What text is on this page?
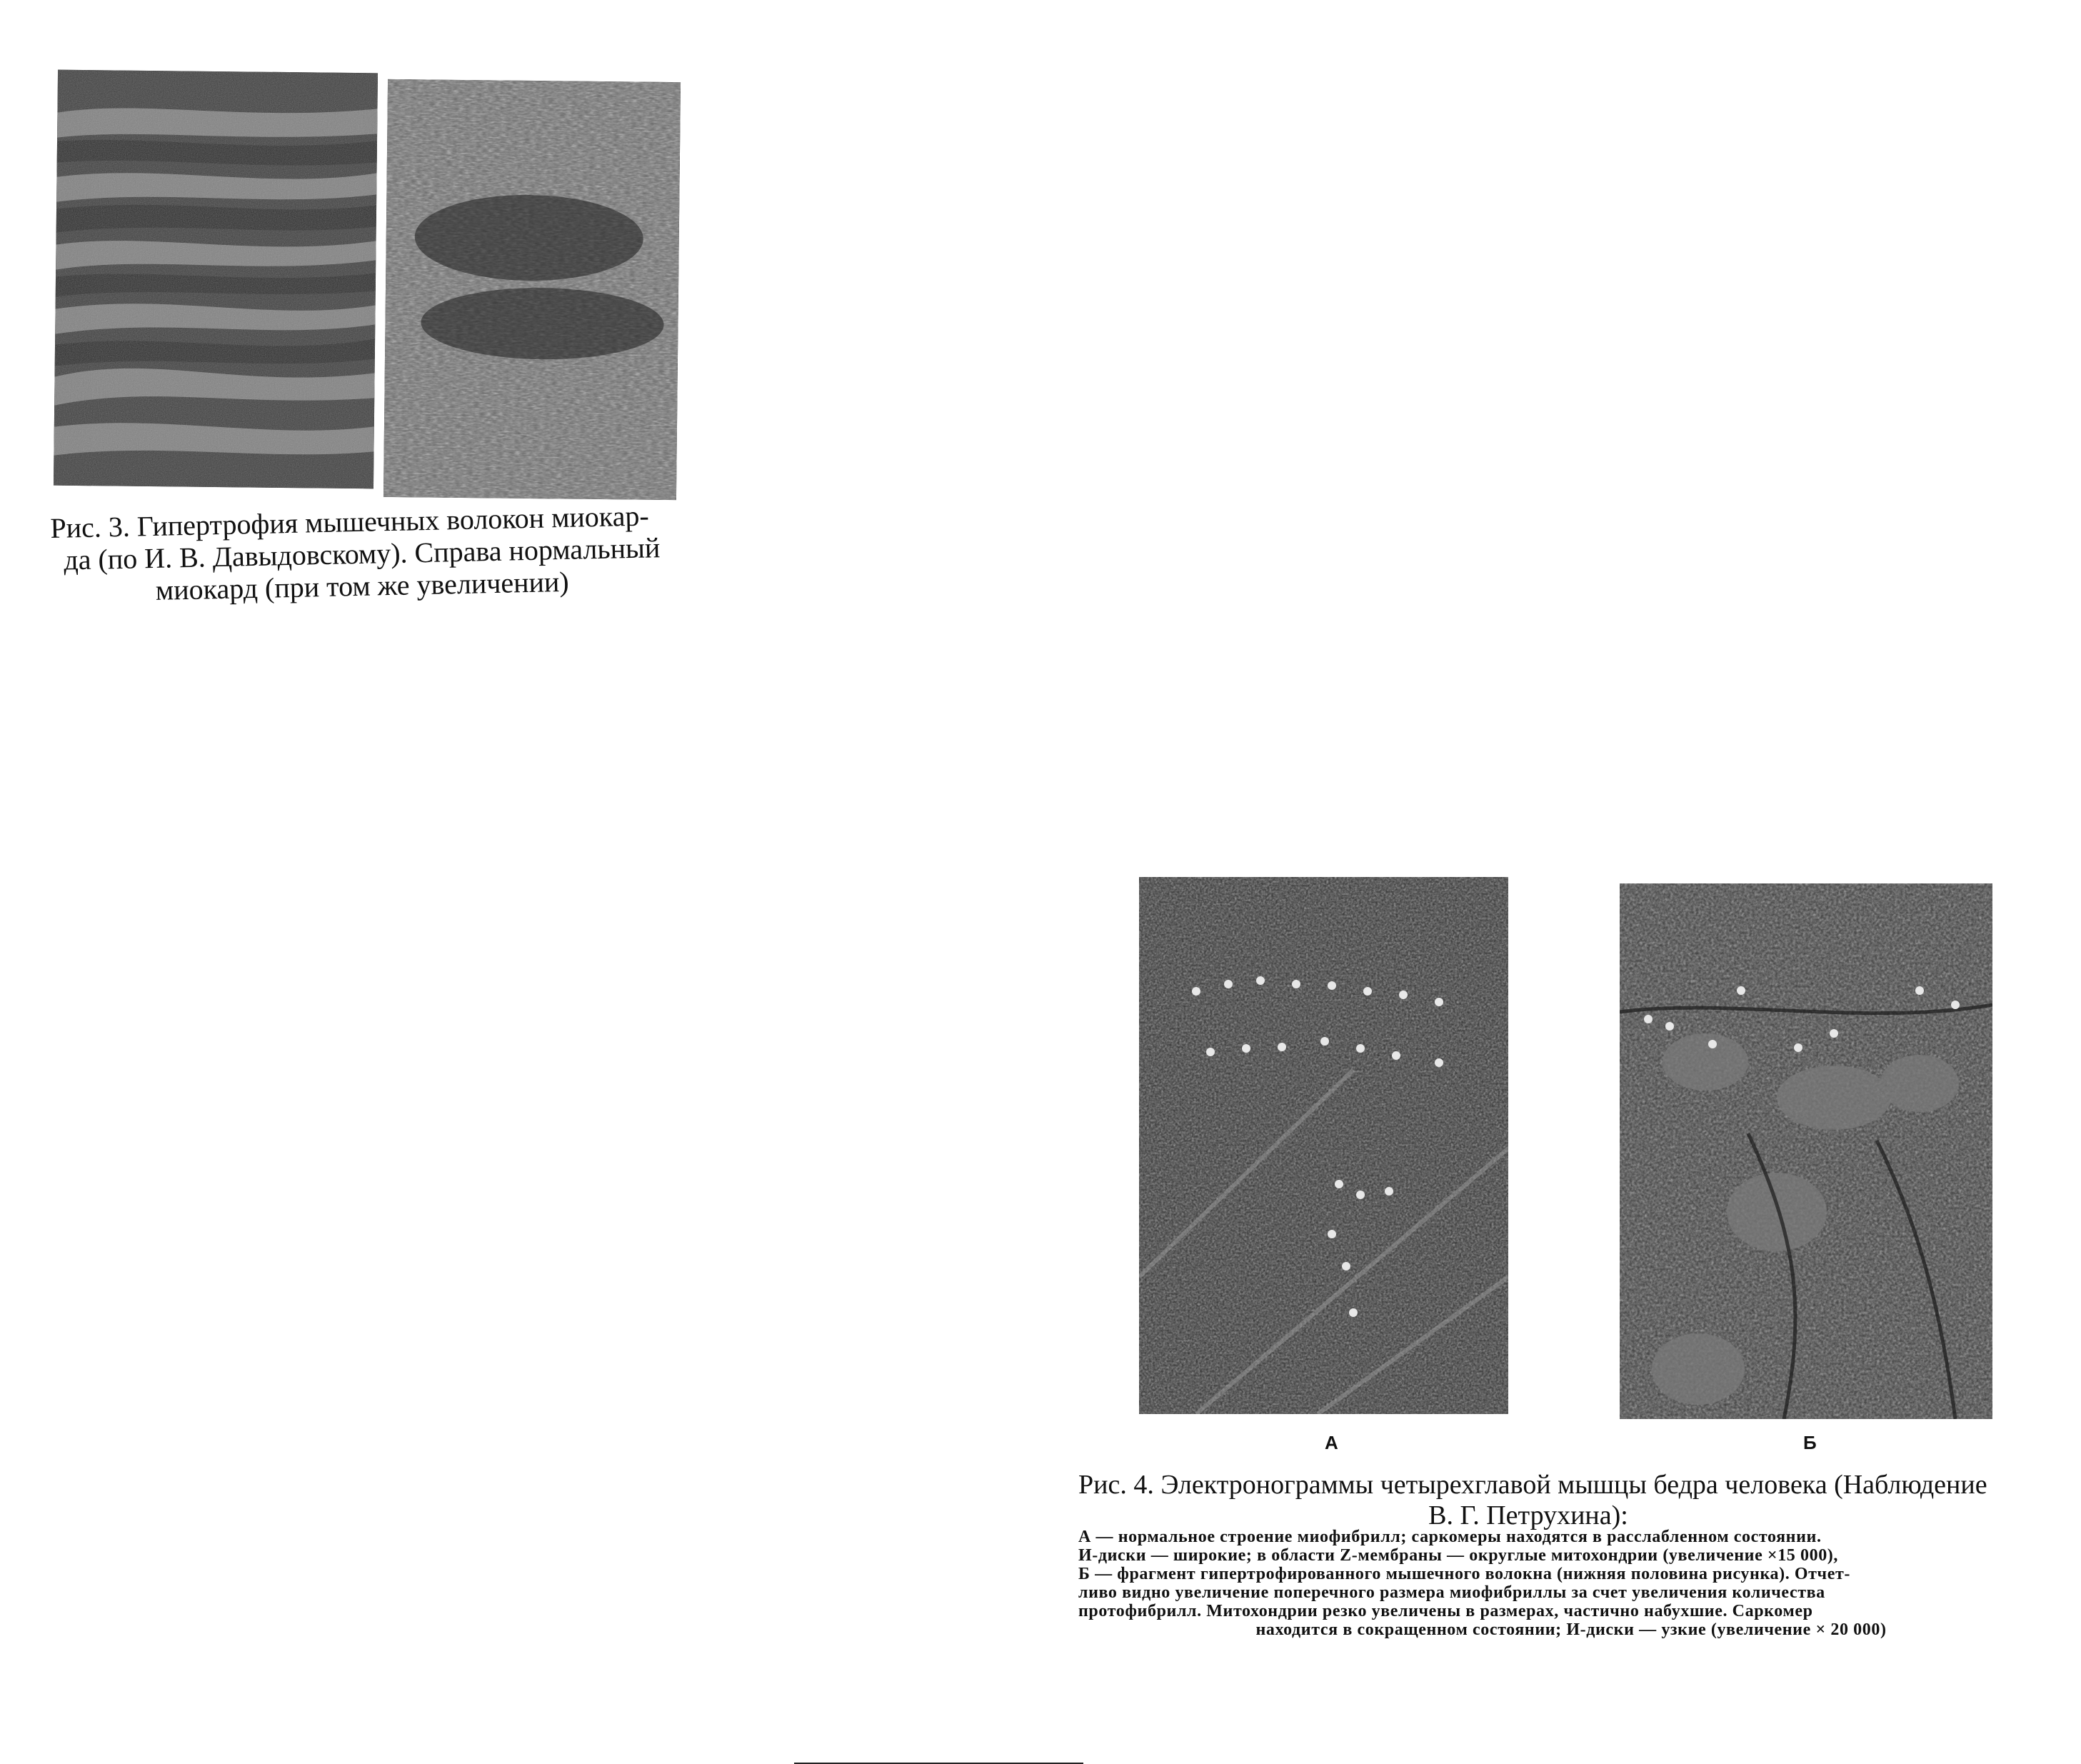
Рис. 3. Гипертрофия мышечных волокон миокар-
да (по И. В. Давыдовскому). Справа нормальный
миокард (при том же увеличении)
А	Б
Рис. 4. Электронограммы четырехглавой мышцы бедра человека (Наблюдение
В. Г. Петрухина):
А — нормальное строение миофибрилл; саркомеры находятся в расслабленном состоянии.
И-диски — широкие; в области Z-мембраны — округлые митохондрии (увеличение ×15 000),
Б — фрагмент гипертрофированного мышечного волокна (нижняя половина рисунка). Отчет-
ливо видно увеличение поперечного размера миофибриллы за счет увеличения количества
протофибрилл. Митохондрии резко увеличены в размерах, частично набухшие. Саркомер
находится в сокращенном состоянии; И-диски — узкие (увеличение × 20 000)
